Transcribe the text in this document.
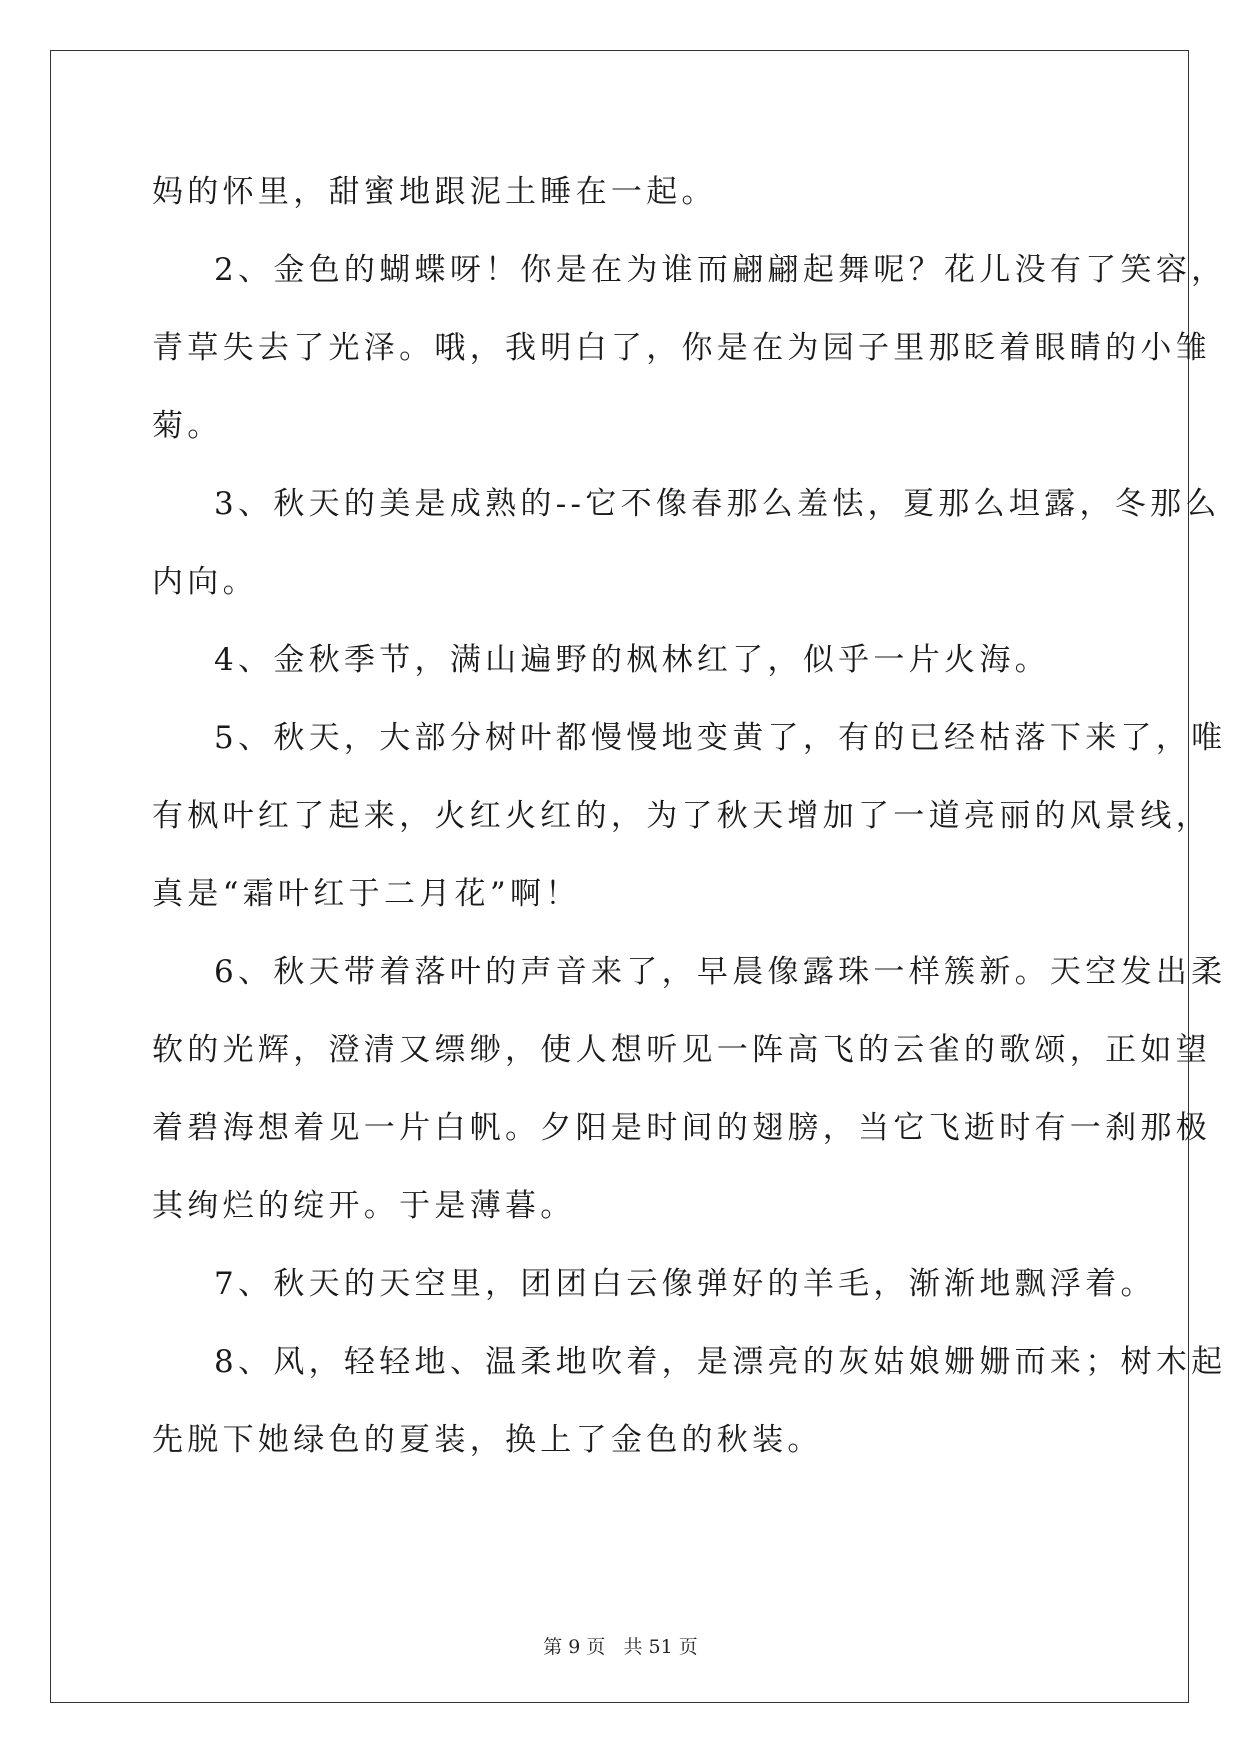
妈的怀里，甜蜜地跟泥土睡在一起。
2、金色的蝴蝶呀！你是在为谁而翩翩起舞呢？花儿没有了笑容，
青草失去了光泽。哦，我明白了，你是在为园子里那眨着眼睛的小雏
菊。
3、秋天的美是成熟的--它不像春那么羞怯，夏那么坦露，冬那么
内向。
4、金秋季节，满山遍野的枫林红了，似乎一片火海。
5、秋天，大部分树叶都慢慢地变黄了，有的已经枯落下来了，唯
有枫叶红了起来，火红火红的，为了秋天增加了一道亮丽的风景线，
真是“霜叶红于二月花”啊！
6、秋天带着落叶的声音来了，早晨像露珠一样簇新。天空发出柔
软的光辉，澄清又缥缈，使人想听见一阵高飞的云雀的歌颂，正如望
着碧海想着见一片白帆。夕阳是时间的翅膀，当它飞逝时有一刹那极
其绚烂的绽开。于是薄暮。
7、秋天的天空里，团团白云像弹好的羊毛，渐渐地飘浮着。
8、风，轻轻地、温柔地吹着，是漂亮的灰姑娘姗姗而来；树木起
先脱下她绿色的夏装，换上了金色的秋装。
第 9 页 共 51 页
